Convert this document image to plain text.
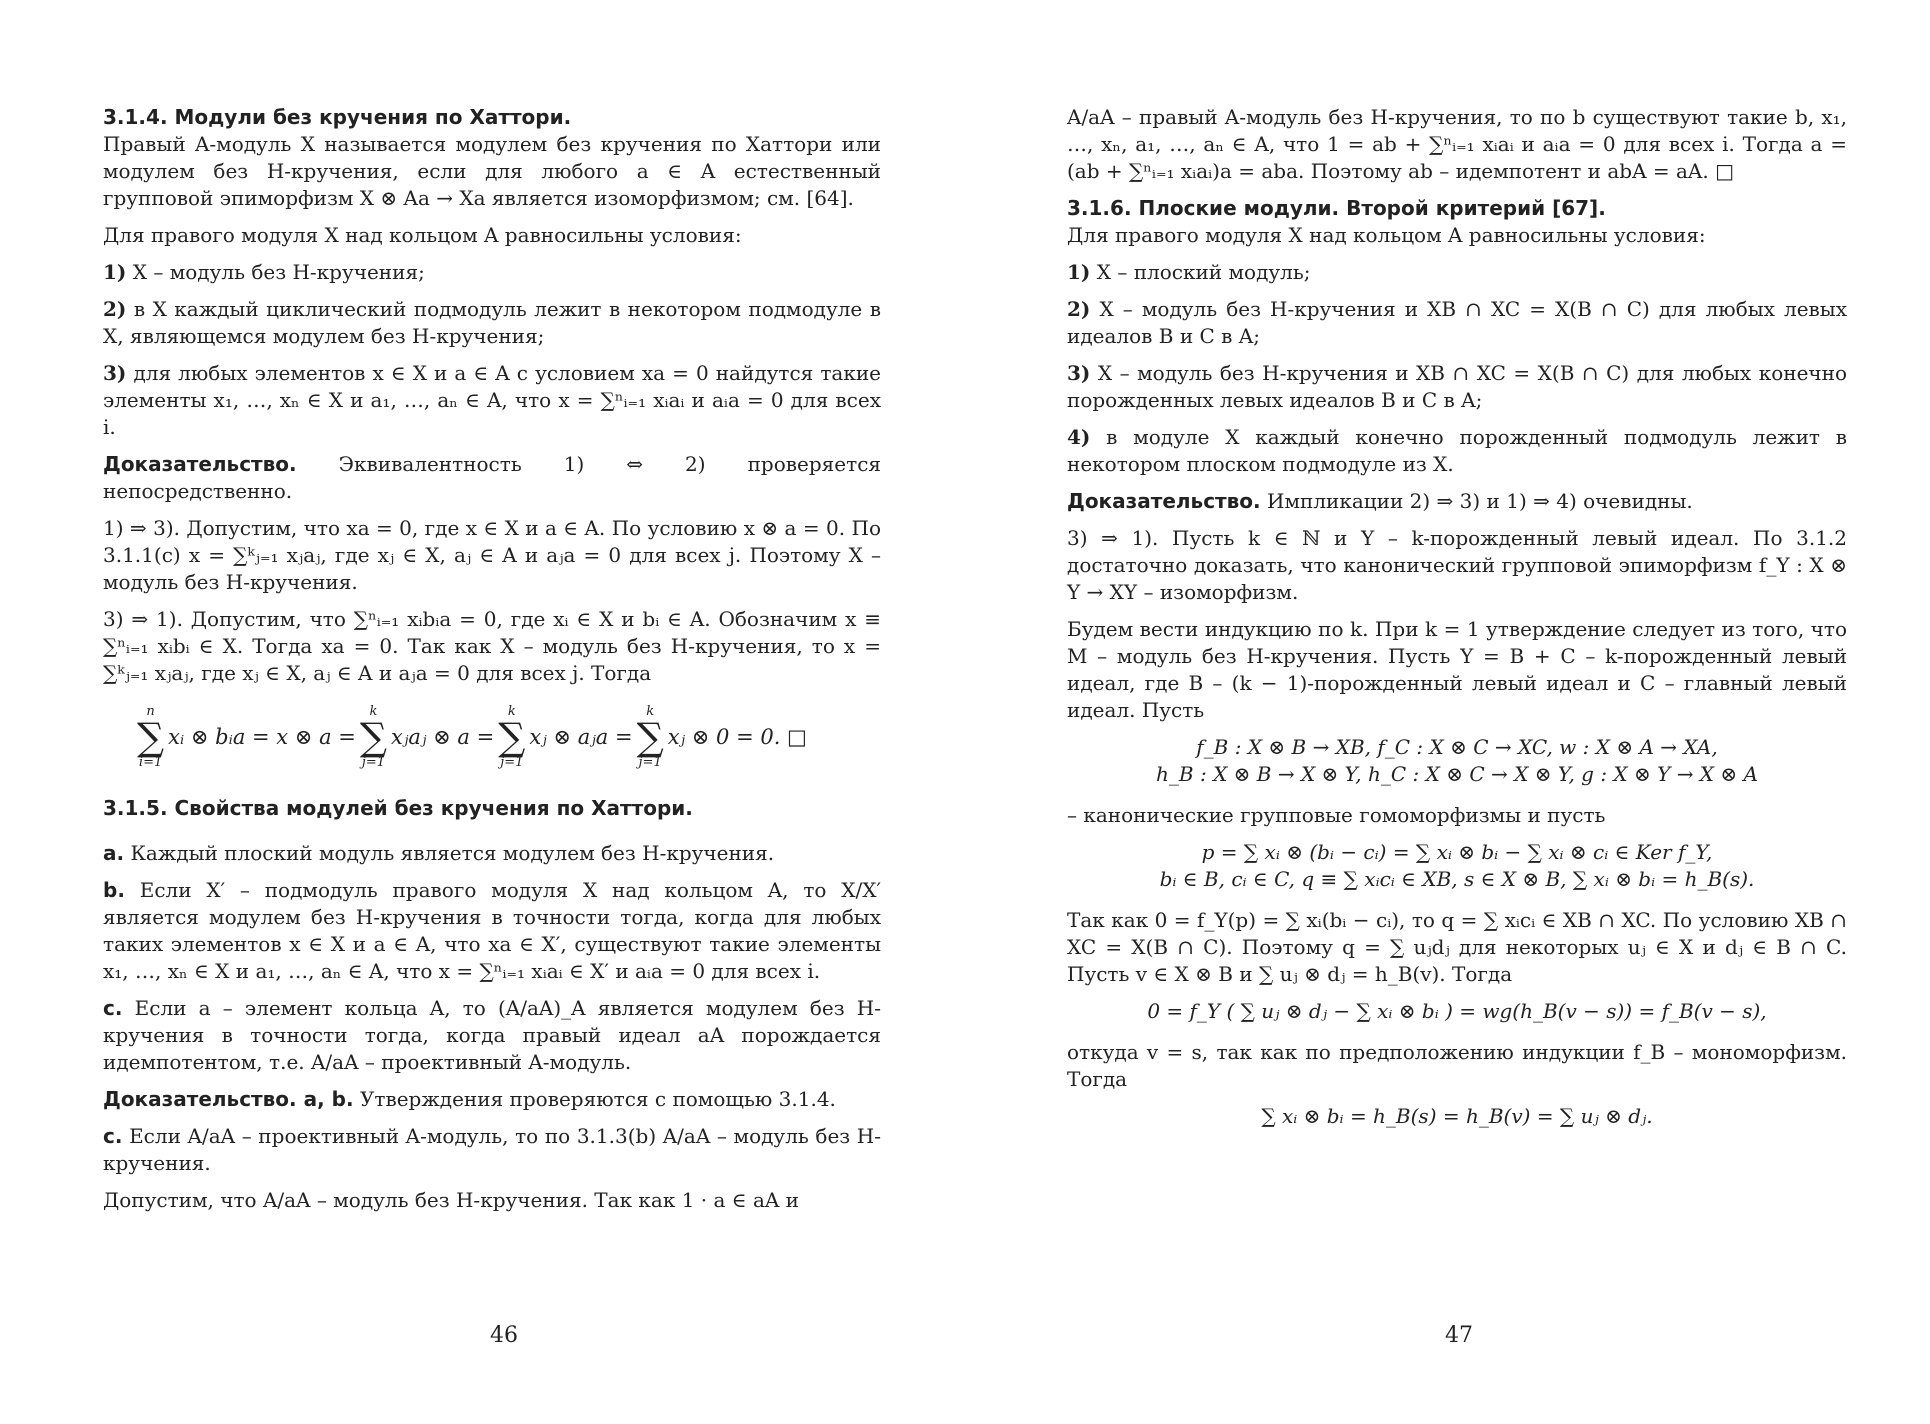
3.1.4. Модули без кручения по Хаттори.

Правый A-модуль X называется модулем без кручения по Хаттори или модулем без H-кручения, если для любого a ∈ A естественный групповой эпиморфизм X ⊗ Aa → Xa является изоморфизмом; см. [64].

Для правого модуля X над кольцом A равносильны условия:

1) X – модуль без H-кручения;

2) в X каждый циклический подмодуль лежит в некотором подмодуле в X, являющемся модулем без H-кручения;

3) для любых элементов x ∈ X и a ∈ A с условием xa = 0 найдутся такие элементы x₁, …, xₙ ∈ X и a₁, …, aₙ ∈ A, что x = ∑ⁿᵢ₌₁ xᵢaᵢ и aᵢa = 0 для всех i.

Доказательство. Эквивалентность 1) ⇔ 2) проверяется непосредственно.

1) ⇒ 3). Допустим, что xa = 0, где x ∈ X и a ∈ A. По условию x ⊗ a = 0. По 3.1.1(c) x = ∑ᵏⱼ₌₁ xⱼaⱼ, где xⱼ ∈ X, aⱼ ∈ A и aⱼa = 0 для всех j. Поэтому X – модуль без H-кручения.

3) ⇒ 1). Допустим, что ∑ⁿᵢ₌₁ xᵢbᵢa = 0, где xᵢ ∈ X и bᵢ ∈ A. Обозначим x ≡ ∑ⁿᵢ₌₁ xᵢbᵢ ∈ X. Тогда xa = 0. Так как X – модуль без H-кручения, то x = ∑ᵏⱼ₌₁ xⱼaⱼ, где xⱼ ∈ X, aⱼ ∈ A и aⱼa = 0 для всех j. Тогда

n
∑
i=1
xᵢ ⊗ bᵢa = x ⊗ a =
k
∑
j=1
xⱼaⱼ ⊗ a =
k
∑
j=1
xⱼ ⊗ aⱼa =
k
∑
j=1
xⱼ ⊗ 0 = 0. □

3.1.5. Свойства модулей без кручения по Хаттори.

a. Каждый плоский модуль является модулем без H-кручения.

b. Если X′ – подмодуль правого модуля X над кольцом A, то X/X′ является модулем без H-кручения в точности тогда, когда для любых таких элементов x ∈ X и a ∈ A, что xa ∈ X′, существуют такие элементы x₁, …, xₙ ∈ X и a₁, …, aₙ ∈ A, что x = ∑ⁿᵢ₌₁ xᵢaᵢ ∈ X′ и aᵢa = 0 для всех i.

c. Если a – элемент кольца A, то (A/aA)_A является модулем без H-кручения в точности тогда, когда правый идеал aA порождается идемпотентом, т.е. A/aA – проективный A-модуль.

Доказательство. a, b. Утверждения проверяются с помощью 3.1.4.

c. Если A/aA – проективный A-модуль, то по 3.1.3(b) A/aA – модуль без H-кручения.

Допустим, что A/aA – модуль без H-кручения. Так как 1 · a ∈ aA и

46

A/aA – правый A-модуль без H-кручения, то по b существуют такие b, x₁, …, xₙ, a₁, …, aₙ ∈ A, что 1 = ab + ∑ⁿᵢ₌₁ xᵢaᵢ и aᵢa = 0 для всех i. Тогда a = (ab + ∑ⁿᵢ₌₁ xᵢaᵢ)a = aba. Поэтому ab – идемпотент и abA = aA. □

3.1.6. Плоские модули. Второй критерий [67].

Для правого модуля X над кольцом A равносильны условия:

1) X – плоский модуль;

2) X – модуль без H-кручения и XB ∩ XC = X(B ∩ C) для любых левых идеалов B и C в A;

3) X – модуль без H-кручения и XB ∩ XC = X(B ∩ C) для любых конечно порожденных левых идеалов B и C в A;

4) в модуле X каждый конечно порожденный подмодуль лежит в некотором плоском подмодуле из X.

Доказательство. Импликации 2) ⇒ 3) и 1) ⇒ 4) очевидны.

3) ⇒ 1). Пусть k ∈ ℕ и Y – k-порожденный левый идеал. По 3.1.2 достаточно доказать, что канонический групповой эпиморфизм f_Y : X ⊗ Y → XY – изоморфизм.

Будем вести индукцию по k. При k = 1 утверждение следует из того, что M – модуль без H-кручения. Пусть Y = B + C – k-порожденный левый идеал, где B – (k − 1)-порожденный левый идеал и C – главный левый идеал. Пусть

f_B : X ⊗ B → XB, f_C : X ⊗ C → XC, w : X ⊗ A → XA,
h_B : X ⊗ B → X ⊗ Y, h_C : X ⊗ C → X ⊗ Y, g : X ⊗ Y → X ⊗ A

– канонические групповые гомоморфизмы и пусть

p = ∑ xᵢ ⊗ (bᵢ − cᵢ) = ∑ xᵢ ⊗ bᵢ − ∑ xᵢ ⊗ cᵢ ∈ Ker f_Y,
bᵢ ∈ B, cᵢ ∈ C, q ≡ ∑ xᵢcᵢ ∈ XB, s ∈ X ⊗ B, ∑ xᵢ ⊗ bᵢ = h_B(s).

Так как 0 = f_Y(p) = ∑ xᵢ(bᵢ − cᵢ), то q = ∑ xᵢcᵢ ∈ XB ∩ XC. По условию XB ∩ XC = X(B ∩ C). Поэтому q = ∑ uⱼdⱼ для некоторых uⱼ ∈ X и dⱼ ∈ B ∩ C. Пусть v ∈ X ⊗ B и ∑ uⱼ ⊗ dⱼ = h_B(v). Тогда

0 = f_Y ( ∑ uⱼ ⊗ dⱼ − ∑ xᵢ ⊗ bᵢ ) = wg(h_B(v − s)) = f_B(v − s),

откуда v = s, так как по предположению индукции f_B – мономорфизм. Тогда

∑ xᵢ ⊗ bᵢ = h_B(s) = h_B(v) = ∑ uⱼ ⊗ dⱼ.
47
